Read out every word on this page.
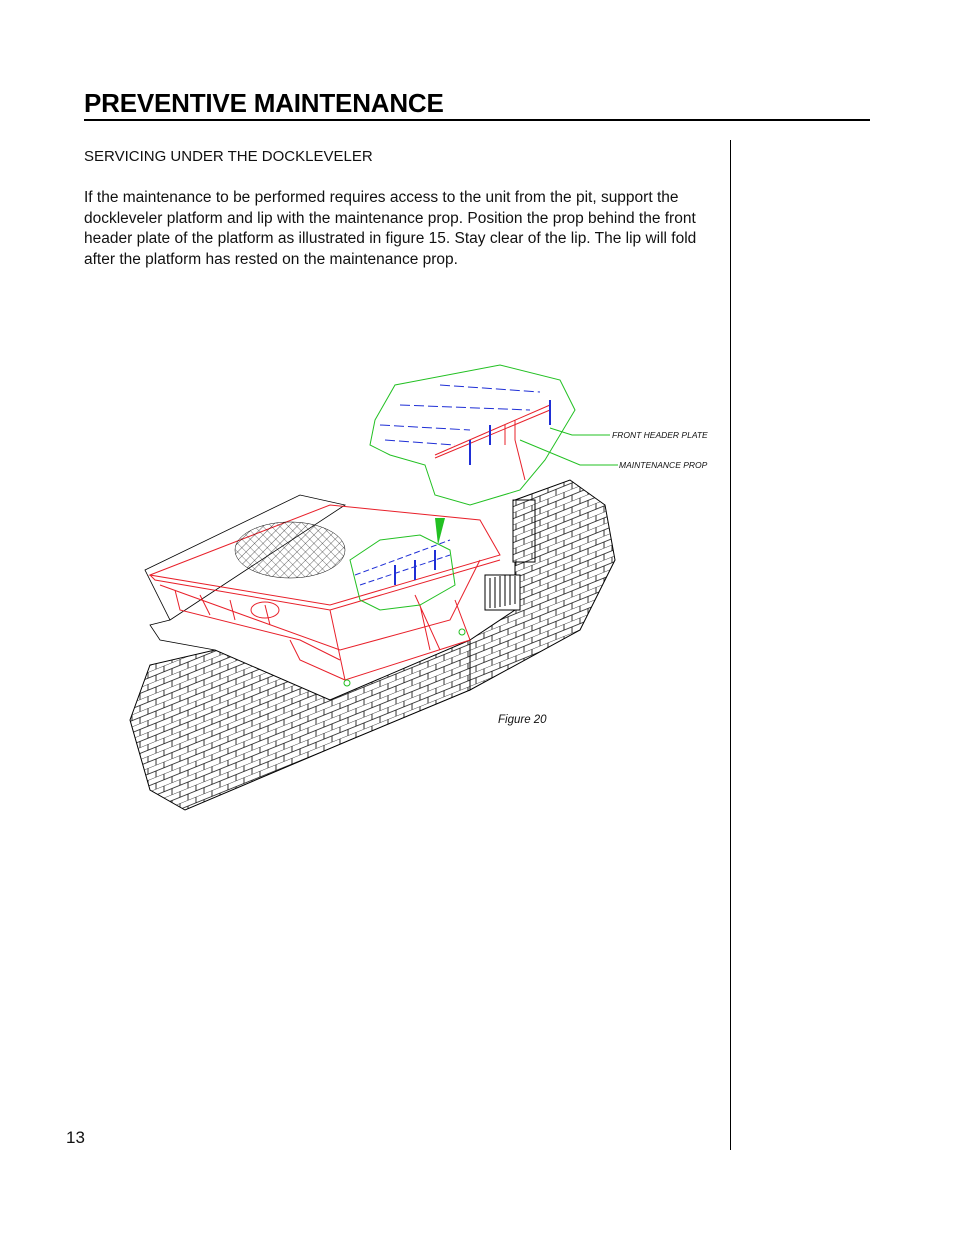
PREVENTIVE MAINTENANCE
SERVICING UNDER THE DOCKLEVELER
If the maintenance to be performed requires access to the unit from the pit, support the dockleveler platform and lip with the maintenance prop. Position the prop behind the front header plate of the platform as illustrated in figure 15. Stay clear of the lip. The lip will fold after the platform has rested on the maintenance prop.
FRONT HEADER PLATE
MAINTENANCE PROP
Figure 20
13
